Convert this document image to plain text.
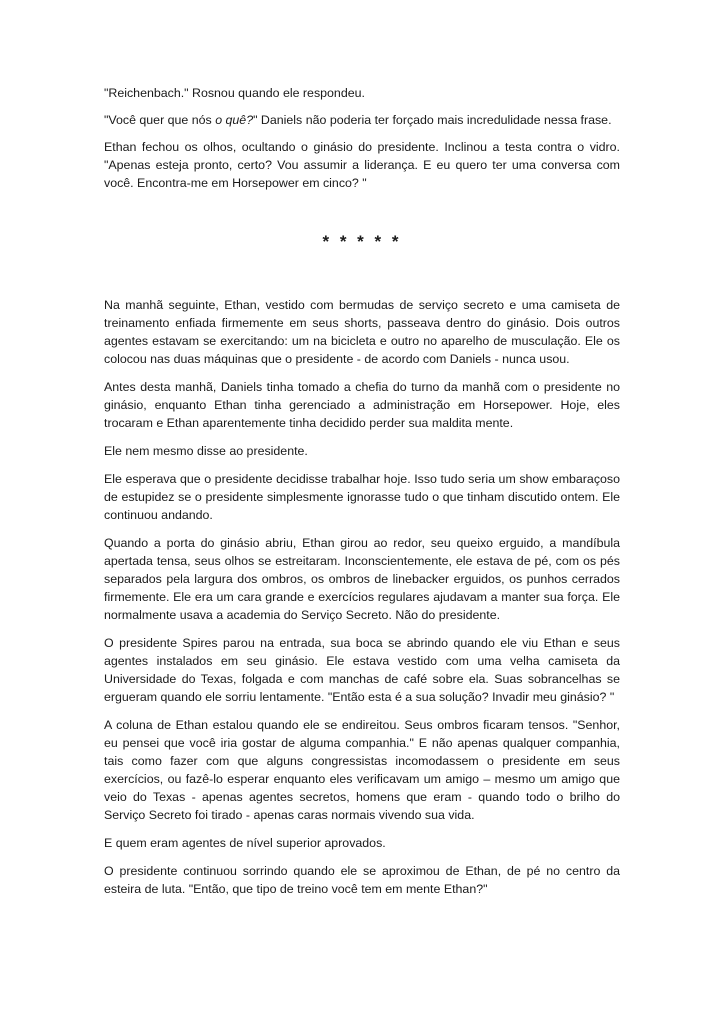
"Reichenbach." Rosnou quando ele respondeu.

"Você quer que nós o quê?" Daniels não poderia ter forçado mais incredulidade nessa frase.

Ethan fechou os olhos, ocultando o ginásio do presidente. Inclinou a testa contra o vidro. "Apenas esteja pronto, certo? Vou assumir a liderança. E eu quero ter uma conversa com você. Encontra-me em Horsepower em cinco? "

* * * * *

Na manhã seguinte, Ethan, vestido com bermudas de serviço secreto e uma camiseta de treinamento enfiada firmemente em seus shorts, passeava dentro do ginásio. Dois outros agentes estavam se exercitando: um na bicicleta e outro no aparelho de musculação. Ele os colocou nas duas máquinas que o presidente - de acordo com Daniels - nunca usou.

Antes desta manhã, Daniels tinha tomado a chefia do turno da manhã com o presidente no ginásio, enquanto Ethan tinha gerenciado a administração em Horsepower. Hoje, eles trocaram e Ethan aparentemente tinha decidido perder sua maldita mente.

Ele nem mesmo disse ao presidente.

Ele esperava que o presidente decidisse trabalhar hoje. Isso tudo seria um show embaraçoso de estupidez se o presidente simplesmente ignorasse tudo o que tinham discutido ontem. Ele continuou andando.

Quando a porta do ginásio abriu, Ethan girou ao redor, seu queixo erguido, a mandíbula apertada tensa, seus olhos se estreitaram. Inconscientemente, ele estava de pé, com os pés separados pela largura dos ombros, os ombros de linebacker erguidos, os punhos cerrados firmemente. Ele era um cara grande e exercícios regulares ajudavam a manter sua força. Ele normalmente usava a academia do Serviço Secreto. Não do presidente.

O presidente Spires parou na entrada, sua boca se abrindo quando ele viu Ethan e seus agentes instalados em seu ginásio. Ele estava vestido com uma velha camiseta da Universidade do Texas, folgada e com manchas de café sobre ela. Suas sobrancelhas se ergueram quando ele sorriu lentamente. "Então esta é a sua solução? Invadir meu ginásio? "

A coluna de Ethan estalou quando ele se endireitou. Seus ombros ficaram tensos. "Senhor, eu pensei que você iria gostar de alguma companhia." E não apenas qualquer companhia, tais como fazer com que alguns congressistas incomodassem o presidente em seus exercícios, ou fazê-lo esperar enquanto eles verificavam um amigo – mesmo um amigo que veio do Texas - apenas agentes secretos, homens que eram - quando todo o brilho do Serviço Secreto foi tirado - apenas caras normais vivendo sua vida.

E quem eram agentes de nível superior aprovados.

O presidente continuou sorrindo quando ele se aproximou de Ethan, de pé no centro da esteira de luta. "Então, que tipo de treino você tem em mente Ethan?"
